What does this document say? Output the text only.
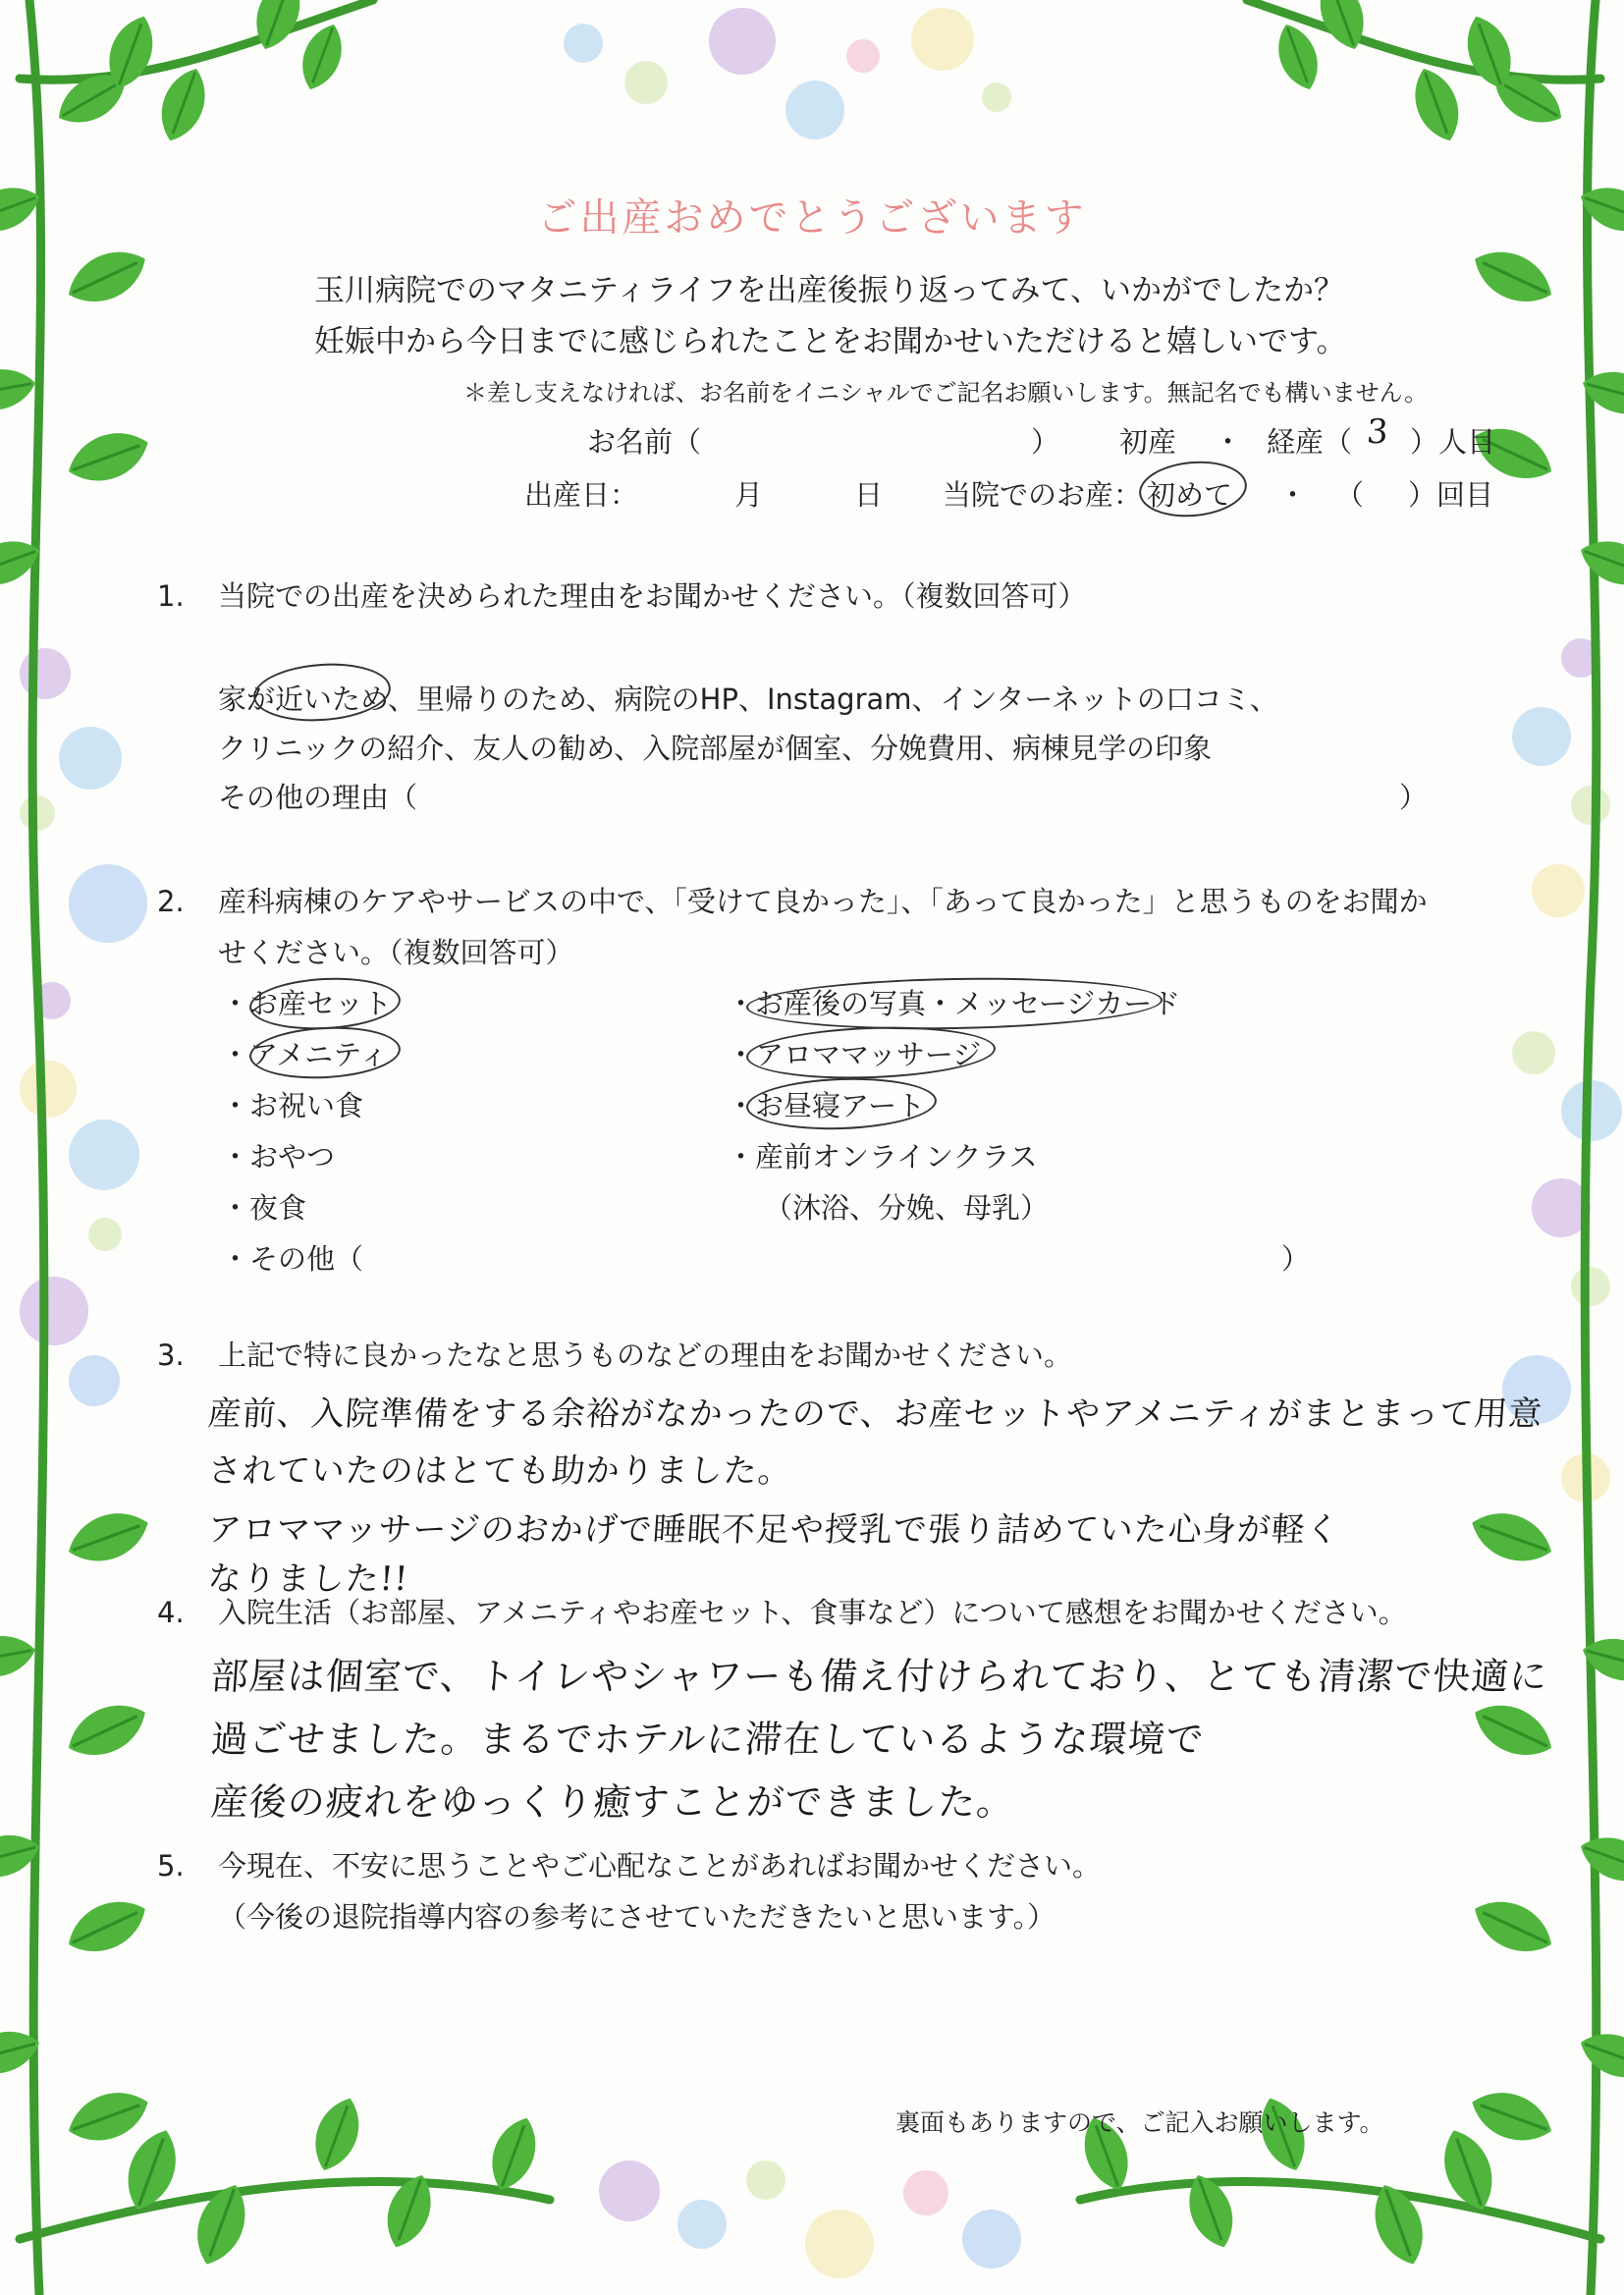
ご出産おめでとうございます
玉川病院でのマタニティライフを出産後振り返ってみて、いかがでしたか？
妊娠中から今日までに感じられたことをお聞かせいただけると嬉しいです。
＊差し支えなければ、お名前をイニシャルでご記名お願いします。無記名でも構いません。
お名前（	） 初産 ・ 経産（ 3 ）人目
出産日：	月	日 当院でのお産： 初めて ・ （ ）回目
1. 当院での出産を決められた理由をお聞かせください。（複数回答可）
家が近いため、里帰りのため、病院のHP、Instagram、インターネットの口コミ、
クリニックの紹介、友人の勧め、入院部屋が個室、分娩費用、病棟見学の印象
その他の理由（	）
2. 産科病棟のケアやサービスの中で、「受けて良かった」、「あって良かった」と思うものをお聞か
せください。（複数回答可）
・お産セット
・アメニティ
・お祝い食
・おやつ
・夜食
・その他（
・お産後の写真・メッセージカード
・アロママッサージ
・お昼寝アート
・産前オンラインクラス
（沐浴、分娩、母乳）
）
3. 上記で特に良かったなと思うものなどの理由をお聞かせください。
産前、入院準備をする余裕がなかったので、お産セットやアメニティがまとまって用意
されていたのはとても助かりました。
アロママッサージのおかげで睡眠不足や授乳で張り詰めていた心身が軽く
なりました!!
4. 入院生活（お部屋、アメニティやお産セット、食事など）について感想をお聞かせください。
部屋は個室で、トイレやシャワーも備え付けられており、とても清潔で快適に
過ごせました。まるでホテルに滞在しているような環境で
産後の疲れをゆっくり癒すことができました。
5. 今現在、不安に思うことやご心配なことがあればお聞かせください。
（今後の退院指導内容の参考にさせていただきたいと思います。）
裏面もありますので、ご記入お願いします。
